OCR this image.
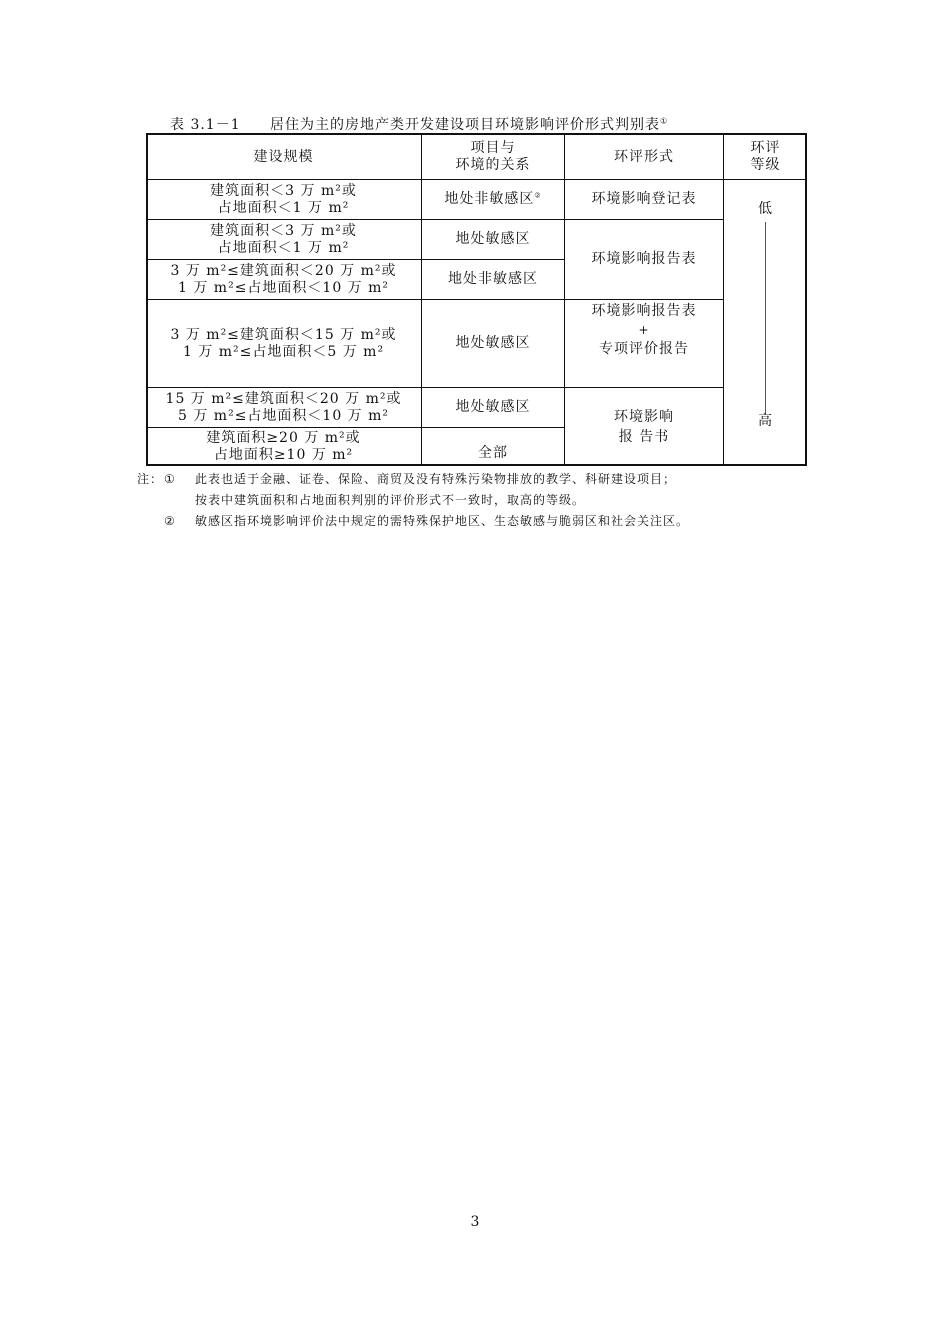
表 3.1－1 居住为主的房地产类开发建设项目环境影响评价形式判别表①
建设规模
项目与
环境的关系
环评形式
环评
等级
建筑面积＜3 万 m²或
占地面积＜1 万 m²
建筑面积＜3 万 m²或
占地面积＜1 万 m²
3 万 m²≤建筑面积＜20 万 m²或
1 万 m²≤占地面积＜10 万 m²
3 万 m²≤建筑面积＜15 万 m²或
1 万 m²≤占地面积＜5 万 m²
15 万 m²≤建筑面积＜20 万 m²或
5 万 m²≤占地面积＜10 万 m²
建筑面积≥20 万 m²或
占地面积≥10 万 m²
地处非敏感区②
地处敏感区
地处非敏感区
地处敏感区
地处敏感区
全部
环境影响登记表
环境影响报告表
环境影响报告表
+
专项评价报告
环境影响
报 告书
低
高
注： ① 此表也适于金融、证卷、保险、商贸及没有特殊污染物排放的教学、科研建设项目；
按表中建筑面积和占地面积判别的评价形式不一致时，取高的等级。
② 敏感区指环境影响评价法中规定的需特殊保护地区、生态敏感与脆弱区和社会关注区。
3
